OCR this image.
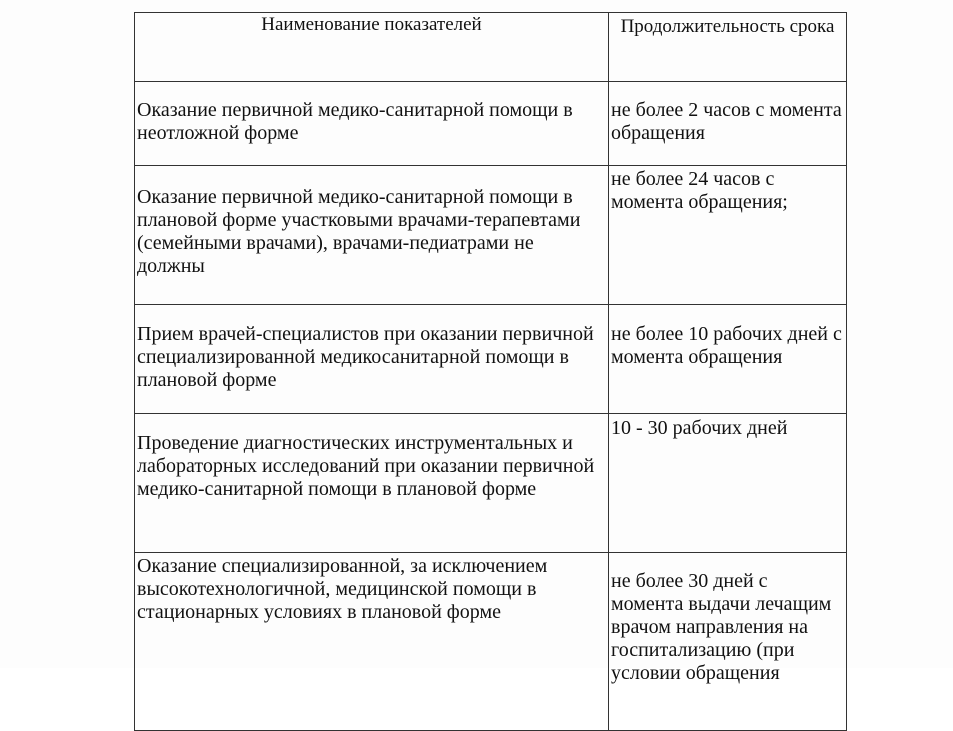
Наименование показателей	Продолжительность срока
Оказание первичной медико-санитарной помощи в неотложной форме	не более 2 часов с момента обращения
Оказание первичной медико-санитарной помощи в плановой форме участковыми врачами-терапевтами (семейными врачами), врачами-педиатрами не должны	не более 24 часов с момента обращения;
Прием врачей-специалистов при оказании первичной специализированной медикосанитарной помощи в плановой форме	не более 10 рабочих дней с момента обращения
Проведение диагностических инструментальных и лабораторных исследований при оказании первичной медико-санитарной помощи в плановой форме	10 - 30 рабочих дней
Оказание специализированной, за исключением высокотехнологичной, медицинской помощи в стационарных условиях в плановой форме	не более 30 дней с момента выдачи лечащим врачом направления на госпитализацию (при условии обращения
